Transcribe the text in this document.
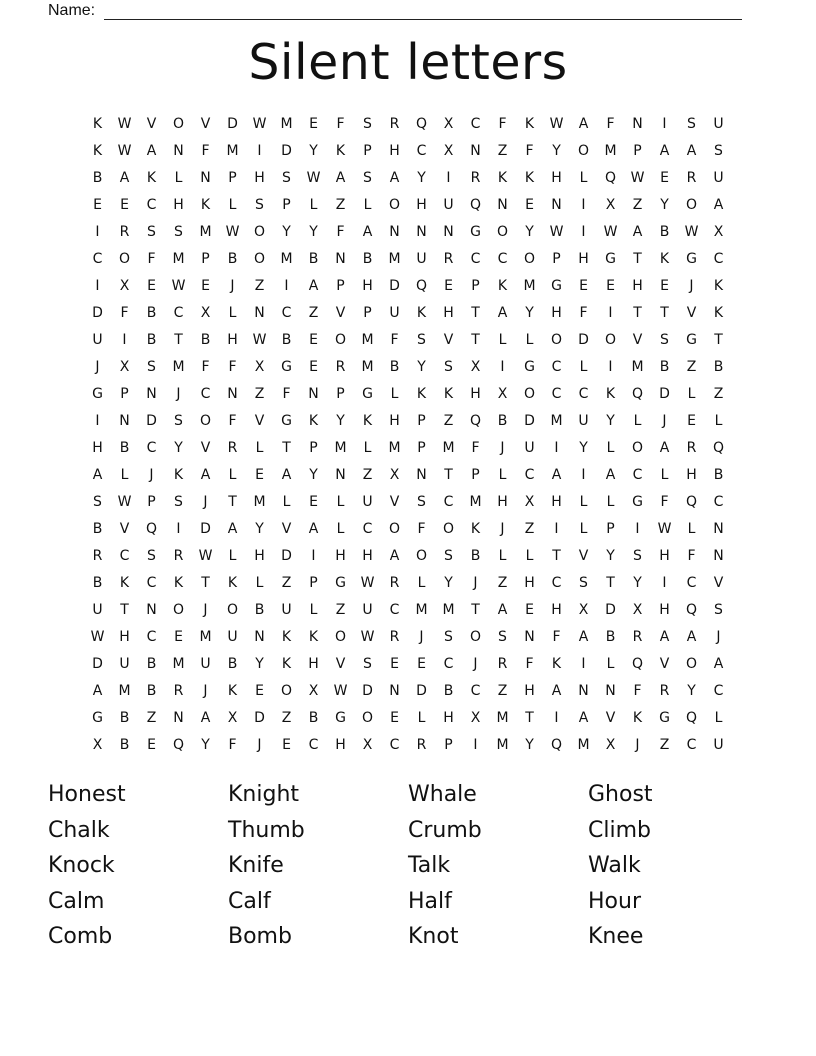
Name:
Silent letters
K	W	V	O	V	D	W	M	E	F	S	R	Q	X	C	F	K	W	A	F	N	I	S	U
K	W	A	N	F	M	I	D	Y	K	P	H	C	X	N	Z	F	Y	O	M	P	A	A	S
B	A	K	L	N	P	H	S	W	A	S	A	Y	I	R	K	K	H	L	Q	W	E	R	U
E	E	C	H	K	L	S	P	L	Z	L	O	H	U	Q	N	E	N	I	X	Z	Y	O	A
I	R	S	S	M	W	O	Y	Y	F	A	N	N	N	G	O	Y	W	I	W	A	B	W	X
C	O	F	M	P	B	O	M	B	N	B	M	U	R	C	C	O	P	H	G	T	K	G	C
I	X	E	W	E	J	Z	I	A	P	H	D	Q	E	P	K	M	G	E	E	H	E	J	K
D	F	B	C	X	L	N	C	Z	V	P	U	K	H	T	A	Y	H	F	I	T	T	V	K
U	I	B	T	B	H	W	B	E	O	M	F	S	V	T	L	L	O	D	O	V	S	G	T
J	X	S	M	F	F	X	G	E	R	M	B	Y	S	X	I	G	C	L	I	M	B	Z	B
G	P	N	J	C	N	Z	F	N	P	G	L	K	K	H	X	O	C	C	K	Q	D	L	Z
I	N	D	S	O	F	V	G	K	Y	K	H	P	Z	Q	B	D	M	U	Y	L	J	E	L
H	B	C	Y	V	R	L	T	P	M	L	M	P	M	F	J	U	I	Y	L	O	A	R	Q
A	L	J	K	A	L	E	A	Y	N	Z	X	N	T	P	L	C	A	I	A	C	L	H	B
S	W	P	S	J	T	M	L	E	L	U	V	S	C	M	H	X	H	L	L	G	F	Q	C
B	V	Q	I	D	A	Y	V	A	L	C	O	F	O	K	J	Z	I	L	P	I	W	L	N
R	C	S	R	W	L	H	D	I	H	H	A	O	S	B	L	L	T	V	Y	S	H	F	N
B	K	C	K	T	K	L	Z	P	G	W	R	L	Y	J	Z	H	C	S	T	Y	I	C	V
U	T	N	O	J	O	B	U	L	Z	U	C	M	M	T	A	E	H	X	D	X	H	Q	S
W	H	C	E	M	U	N	K	K	O	W	R	J	S	O	S	N	F	A	B	R	A	A	J
D	U	B	M	U	B	Y	K	H	V	S	E	E	C	J	R	F	K	I	L	Q	V	O	A
A	M	B	R	J	K	E	O	X	W	D	N	D	B	C	Z	H	A	N	N	F	R	Y	C
G	B	Z	N	A	X	D	Z	B	G	O	E	L	H	X	M	T	I	A	V	K	G	Q	L
X	B	E	Q	Y	F	J	E	C	H	X	C	R	P	I	M	Y	Q	M	X	J	Z	C	U
Honest	Knight	Whale	Ghost
Chalk	Thumb	Crumb	Climb
Knock	Knife	Talk	Walk
Calm	Calf	Half	Hour
Comb	Bomb	Knot	Knee
